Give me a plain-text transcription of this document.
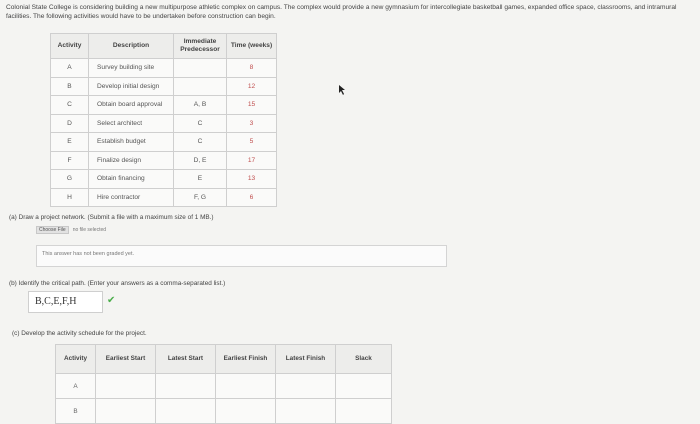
Colonial State College is considering building a new multipurpose athletic complex on campus. The complex would provide a new gymnasium for intercollegiate basketball games, expanded office space, classrooms, and intramural facilities. The following activities would have to be undertaken before construction can begin.
Activity	Description	Immediate Predecessor	Time (weeks)
A	Survey building site		8
B	Develop initial design		12
C	Obtain board approval	A, B	15
D	Select architect	C	3
E	Establish budget	C	5
F	Finalize design	D, E	17
G	Obtain financing	E	13
H	Hire contractor	F, G	6
(a) Draw a project network. (Submit a file with a maximum size of 1 MB.)
Choose File	no file selected
This answer has not been graded yet.
(b) Identify the critical path. (Enter your answers as a comma-separated list.)
B,C,E,F,H	✔
(c) Develop the activity schedule for the project.
Activity	Earliest Start	Latest Start	Earliest Finish	Latest Finish	Slack
A					
B					
